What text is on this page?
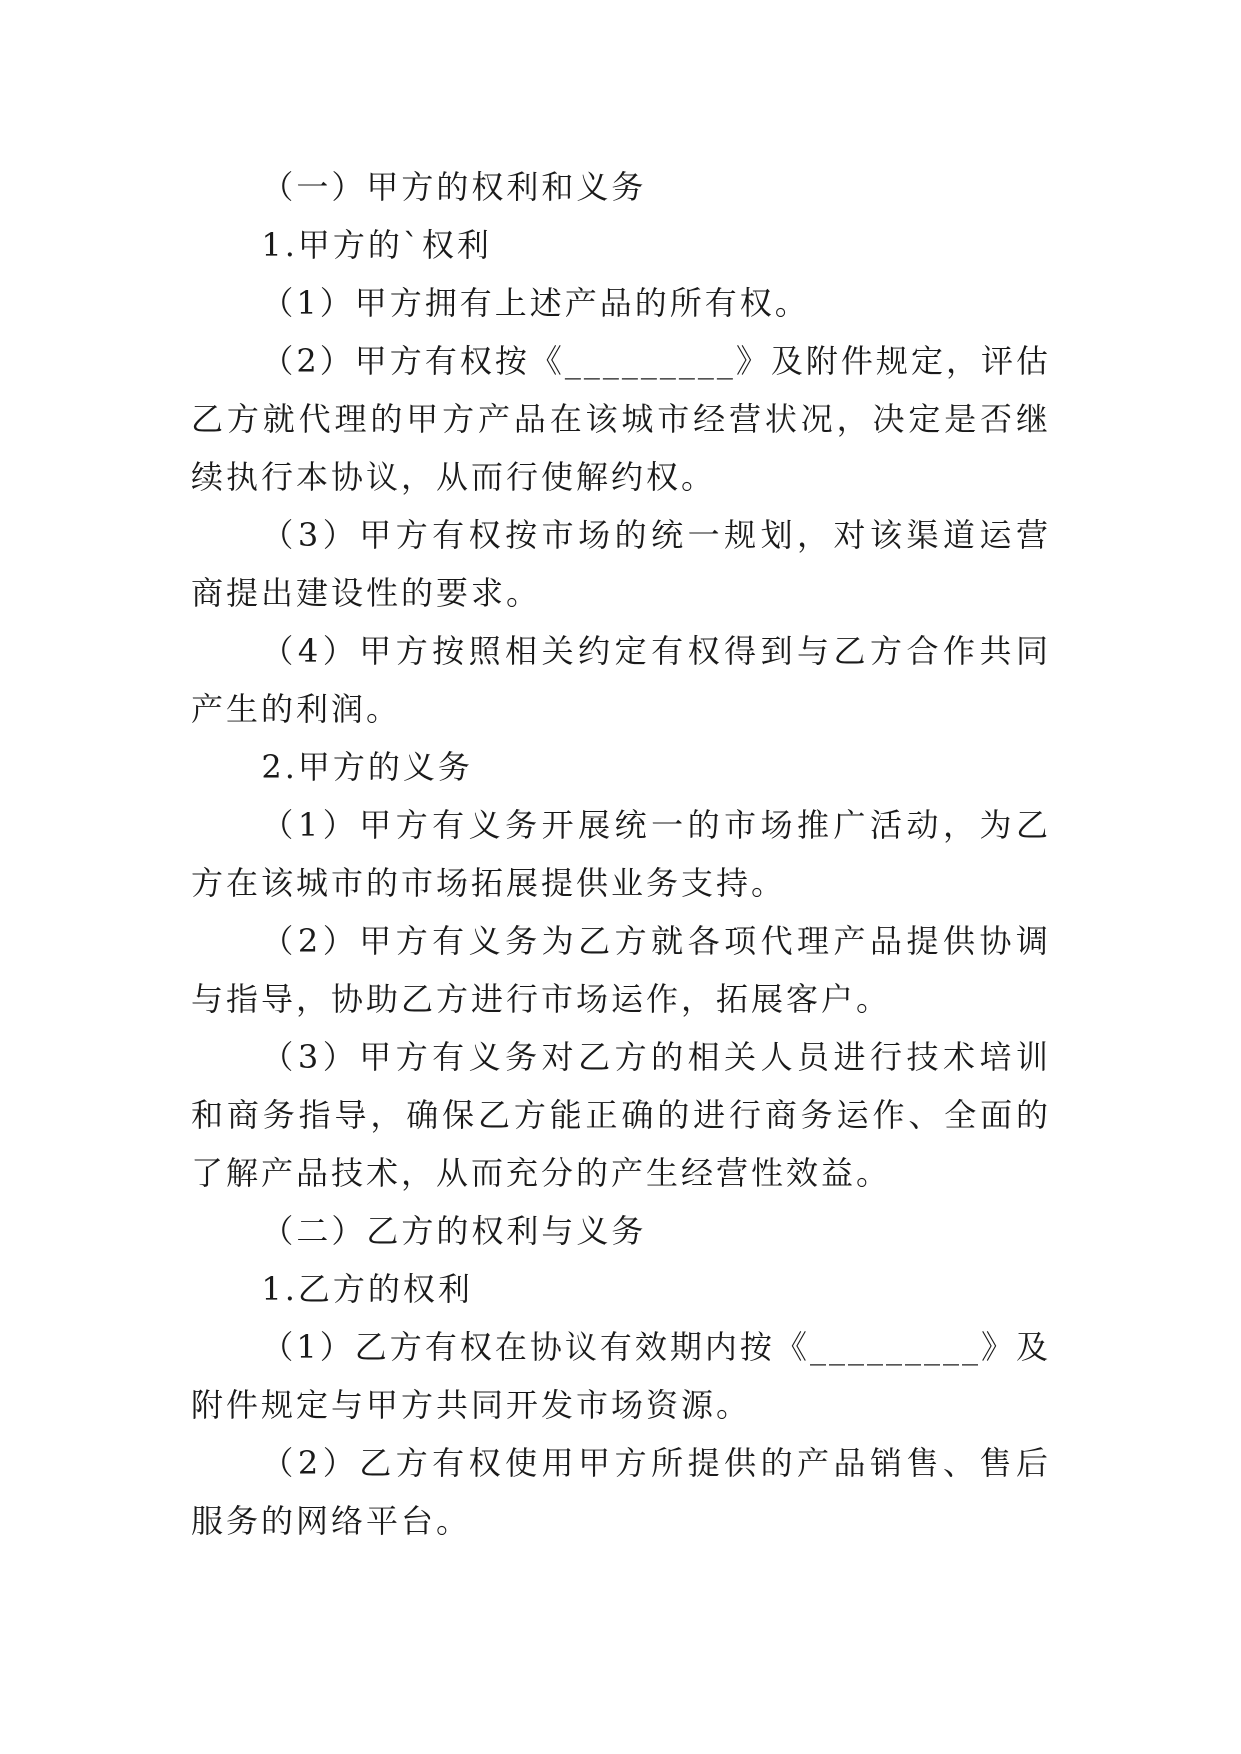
（一）甲方的权利和义务

1.甲方的`权利

（1）甲方拥有上述产品的所有权。

（2）甲方有权按《_________》及附件规定，评估乙方就代理的甲方产品在该城市经营状况，决定是否继续执行本协议，从而行使解约权。

（3）甲方有权按市场的统一规划，对该渠道运营商提出建设性的要求。

（4）甲方按照相关约定有权得到与乙方合作共同产生的利润。

2.甲方的义务

（1）甲方有义务开展统一的市场推广活动，为乙方在该城市的市场拓展提供业务支持。

（2）甲方有义务为乙方就各项代理产品提供协调与指导，协助乙方进行市场运作，拓展客户。

（3）甲方有义务对乙方的相关人员进行技术培训和商务指导，确保乙方能正确的进行商务运作、全面的了解产品技术，从而充分的产生经营性效益。

（二）乙方的权利与义务

1.乙方的权利

（1）乙方有权在协议有效期内按《_________》及附件规定与甲方共同开发市场资源。

（2）乙方有权使用甲方所提供的产品销售、售后服务的网络平台。
